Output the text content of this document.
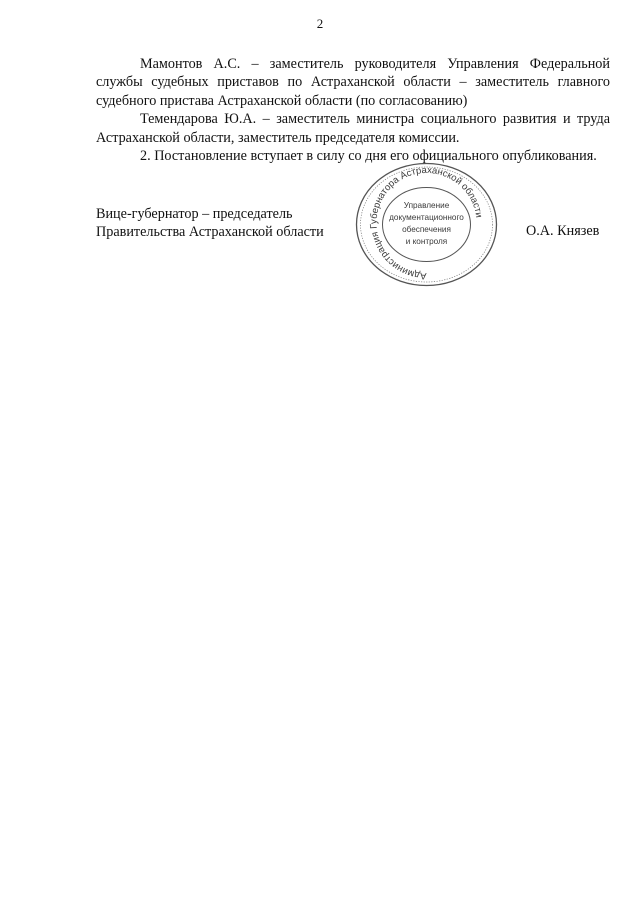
2

Мамонтов А.С. – заместитель руководителя Управления Федеральной службы судебных приставов по Астраханской области – заместитель главного судебного пристава Астраханской области (по согласованию)

Темендарова Ю.А. – заместитель министра социального развития и труда Астраханской области, заместитель председателя комиссии.

2. Постановление вступает в силу со дня его официального опубликования.

Вице-губернатор – председатель
Правительства Астраханской области	О.А. Князев
Администрация Губернатора Астраханской области
Управление
документационного
обеспечения
и контроля
